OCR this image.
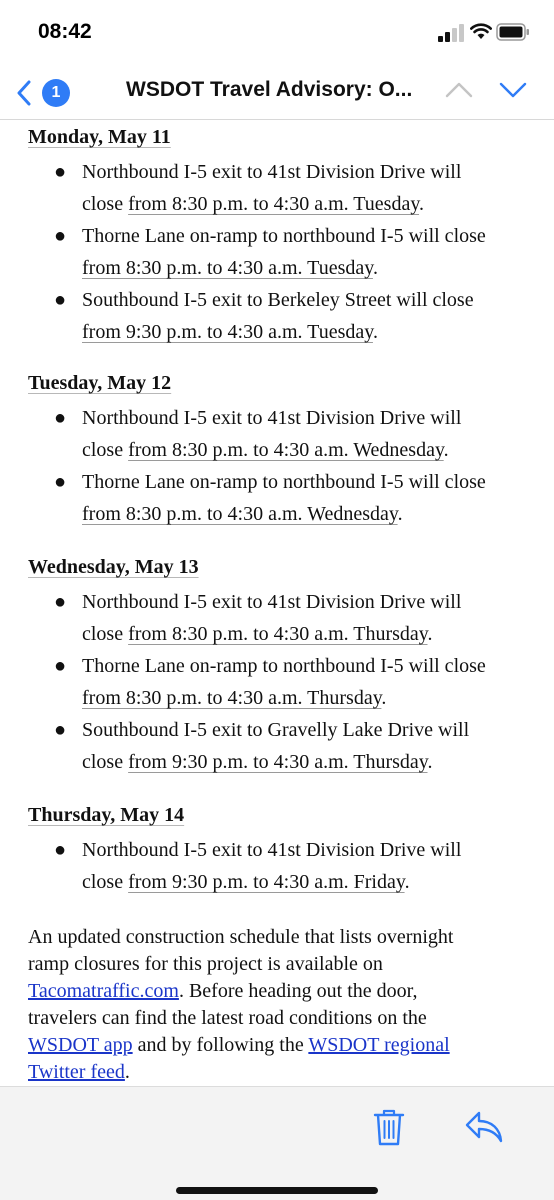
08:42
1	WSDOT Travel Advisory: O...
Monday, May 11
● Northbound I-5 exit to 41st Division Drive will
close from 8:30 p.m. to 4:30 a.m. Tuesday.
● Thorne Lane on-ramp to northbound I-5 will close
from 8:30 p.m. to 4:30 a.m. Tuesday.
● Southbound I-5 exit to Berkeley Street will close
from 9:30 p.m. to 4:30 a.m. Tuesday.
Tuesday, May 12
● Northbound I-5 exit to 41st Division Drive will
close from 8:30 p.m. to 4:30 a.m. Wednesday.
● Thorne Lane on-ramp to northbound I-5 will close
from 8:30 p.m. to 4:30 a.m. Wednesday.
Wednesday, May 13
● Northbound I-5 exit to 41st Division Drive will
close from 8:30 p.m. to 4:30 a.m. Thursday.
● Thorne Lane on-ramp to northbound I-5 will close
from 8:30 p.m. to 4:30 a.m. Thursday.
● Southbound I-5 exit to Gravelly Lake Drive will
close from 9:30 p.m. to 4:30 a.m. Thursday.
Thursday, May 14
● Northbound I-5 exit to 41st Division Drive will
close from 9:30 p.m. to 4:30 a.m. Friday.

An updated construction schedule that lists overnight
ramp closures for this project is available on
Tacomatraffic.com. Before heading out the door,
travelers can find the latest road conditions on the
WSDOT app and by following the WSDOT regional
Twitter feed.
